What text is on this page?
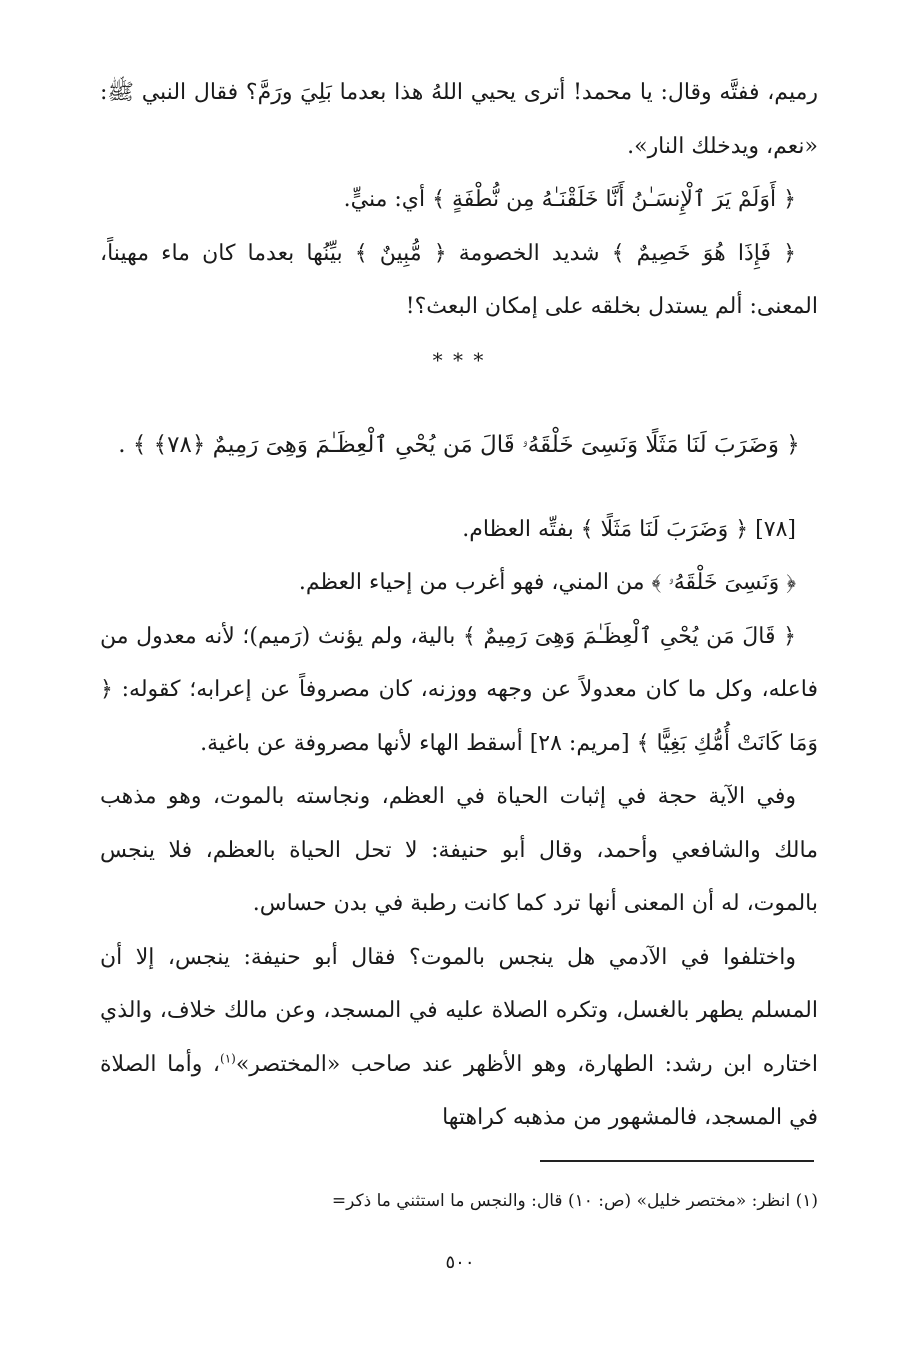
رميم، ففتَّه وقال: يا محمد! أترى يحيي اللهُ هذا بعدما بَلِيَ ورَمَّ؟ فقال النبي ﷺ: «نعم، ويدخلك النار».

﴿ أَوَلَمْ يَرَ ٱلْإِنسَـٰنُ أَنَّا خَلَقْنَـٰهُ مِن نُّطْفَةٍ ﴾ أي: منيٍّ.

﴿ فَإِذَا هُوَ خَصِيمٌ ﴾ شديد الخصومة ﴿ مُّبِينٌ ﴾ بيِّنُها بعدما كان ماء مهيناً، المعنى: ألم يستدل بخلقه على إمكان البعث؟!

* * *

﴿ وَضَرَبَ لَنَا مَثَلًا وَنَسِىَ خَلْقَهُۥ قَالَ مَن يُحْىِ ٱلْعِظَـٰمَ وَهِىَ رَمِيمٌ ﴿٧٨﴾ ﴾ .

[٧٨] ﴿ وَضَرَبَ لَنَا مَثَلًا ﴾ بفتِّه العظام.

﴿ وَنَسِىَ خَلْقَهُۥ ﴾ من المني، فهو أغرب من إحياء العظم.

﴿ قَالَ مَن يُحْىِ ٱلْعِظَـٰمَ وَهِىَ رَمِيمٌ ﴾ بالية، ولم يؤنث (رَميم)؛ لأنه معدول من فاعله، وكل ما كان معدولاً عن وجهه ووزنه، كان مصروفاً عن إعرابه؛ كقوله: ﴿ وَمَا كَانَتْ أُمُّكِ بَغِيًّا ﴾ [مريم: ٢٨] أسقط الهاء لأنها مصروفة عن باغية.

وفي الآية حجة في إثبات الحياة في العظم، ونجاسته بالموت، وهو مذهب مالك والشافعي وأحمد، وقال أبو حنيفة: لا تحل الحياة بالعظم، فلا ينجس بالموت، له أن المعنى أنها ترد كما كانت رطبة في بدن حساس.

واختلفوا في الآدمي هل ينجس بالموت؟ فقال أبو حنيفة: ينجس، إلا أن المسلم يطهر بالغسل، وتكره الصلاة عليه في المسجد، وعن مالك خلاف، والذي اختاره ابن رشد: الطهارة، وهو الأظهر عند صاحب «المختصر»$^{(١)}$، وأما الصلاة في المسجد، فالمشهور من مذهبه كراهتها

(١) انظر: «مختصر خليل» (ص: ١٠) قال: والنجس ما استثني ما ذكر=
٥٠٠
